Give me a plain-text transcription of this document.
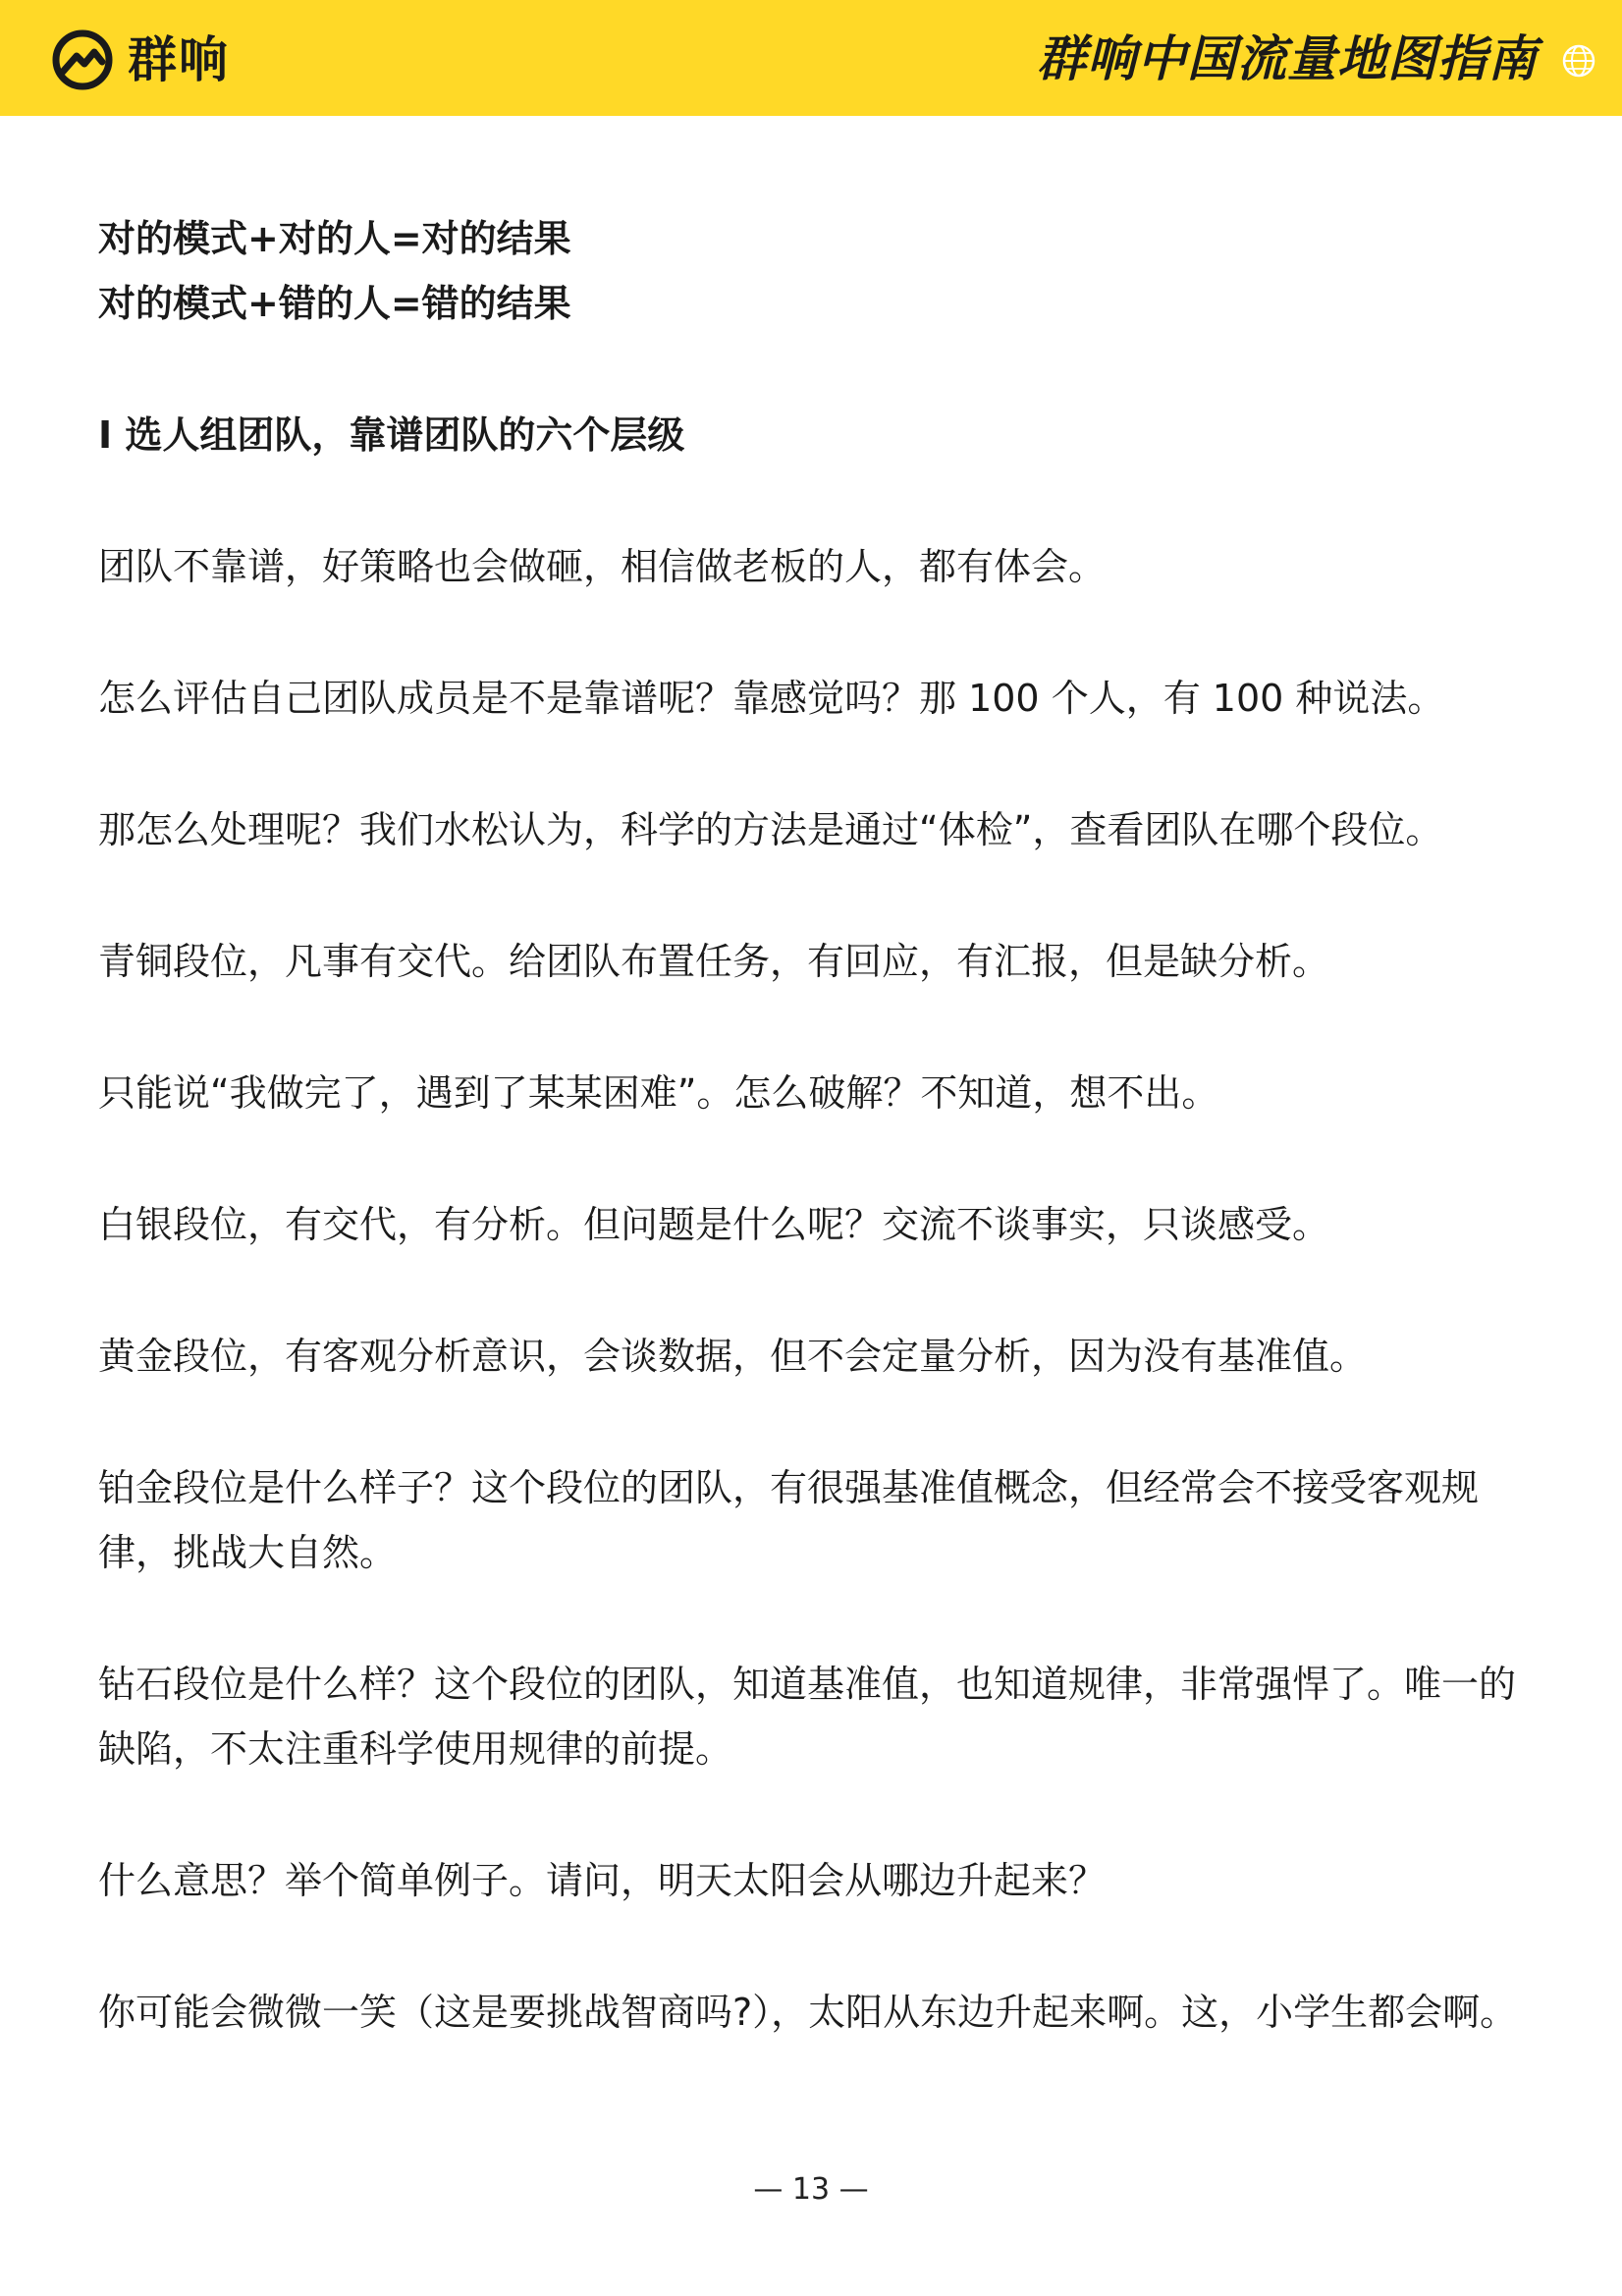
群响	群响中国流量地图指南

对的模式+对的人=对的结果

对的模式+错的人=错的结果

I 选人组团队，靠谱团队的六个层级

团队不靠谱，好策略也会做砸，相信做老板的人，都有体会。

怎么评估自己团队成员是不是靠谱呢？靠感觉吗？那 100 个人，有 100 种说法。

那怎么处理呢？我们水松认为，科学的方法是通过“体检”，查看团队在哪个段位。

青铜段位，凡事有交代。给团队布置任务，有回应，有汇报，但是缺分析。

只能说“我做完了，遇到了某某困难”。怎么破解？不知道，想不出。

白银段位，有交代，有分析。但问题是什么呢？交流不谈事实，只谈感受。

黄金段位，有客观分析意识，会谈数据，但不会定量分析，因为没有基准值。

铂金段位是什么样子？这个段位的团队，有很强基准值概念，但经常会不接受客观规律，挑战大自然。

钻石段位是什么样？这个段位的团队，知道基准值，也知道规律，非常强悍了。唯一的缺陷，不太注重科学使用规律的前提。

什么意思？举个简单例子。请问，明天太阳会从哪边升起来？

你可能会微微一笑（这是要挑战智商吗?），太阳从东边升起来啊。这，小学生都会啊。

— 13 —
